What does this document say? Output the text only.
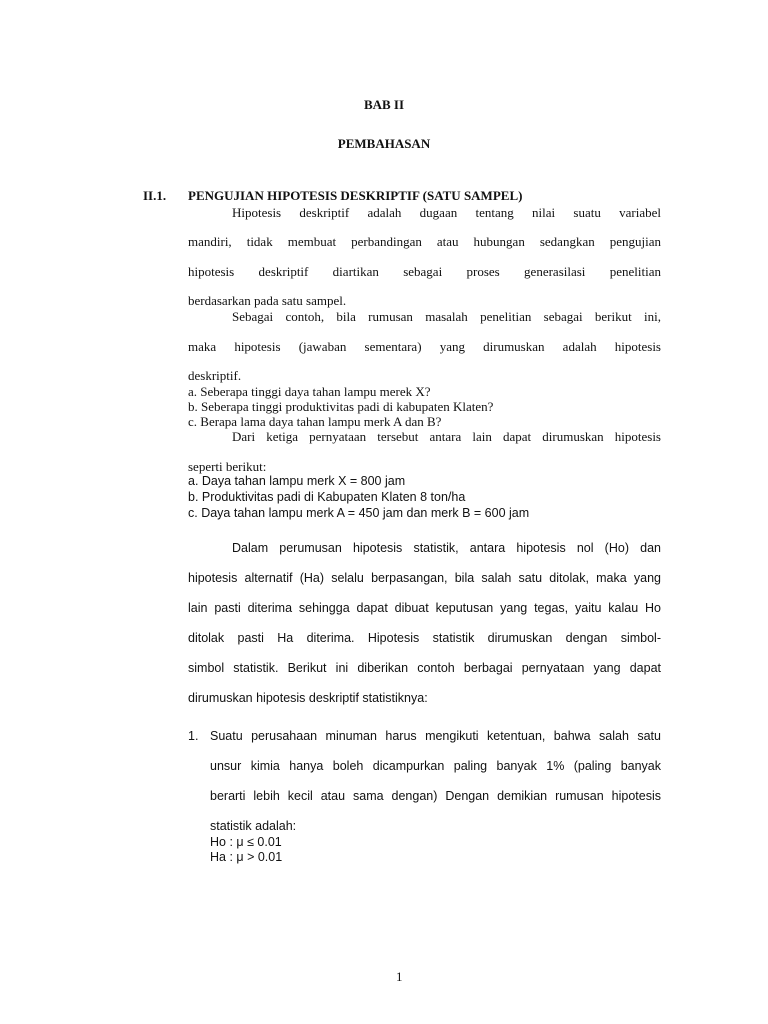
BAB II
PEMBAHASAN
II.1. PENGUJIAN HIPOTESIS DESKRIPTIF (SATU SAMPEL)
Hipotesis deskriptif adalah dugaan tentang nilai suatu variabel
mandiri, tidak membuat perbandingan atau hubungan sedangkan pengujian
hipotesis deskriptif diartikan sebagai proses generasilasi penelitian
berdasarkan pada satu sampel.
Sebagai contoh, bila rumusan masalah penelitian sebagai berikut ini,
maka hipotesis (jawaban sementara) yang dirumuskan adalah hipotesis
deskriptif.
a. Seberapa tinggi daya tahan lampu merek X?
b. Seberapa tinggi produktivitas padi di kabupaten Klaten?
c. Berapa lama daya tahan lampu merk A dan B?
Dari ketiga pernyataan tersebut antara lain dapat dirumuskan hipotesis
seperti berikut:
a. Daya tahan lampu merk X = 800 jam
b. Produktivitas padi di Kabupaten Klaten 8 ton/ha
c. Daya tahan lampu merk A = 450 jam dan merk B = 600 jam
Dalam perumusan hipotesis statistik, antara hipotesis nol (Ho) dan
hipotesis alternatif (Ha) selalu berpasangan, bila salah satu ditolak, maka yang
lain pasti diterima sehingga dapat dibuat keputusan yang tegas, yaitu kalau Ho
ditolak pasti Ha diterima. Hipotesis statistik dirumuskan dengan simbol-
simbol statistik. Berikut ini diberikan contoh berbagai pernyataan yang dapat
dirumuskan hipotesis deskriptif statistiknya:
1. Suatu perusahaan minuman harus mengikuti ketentuan, bahwa salah satu
unsur kimia hanya boleh dicampurkan paling banyak 1% (paling banyak
berarti lebih kecil atau sama dengan) Dengan demikian rumusan hipotesis
statistik adalah:
Ho : μ ≤ 0.01
Ha : μ > 0.01
1
